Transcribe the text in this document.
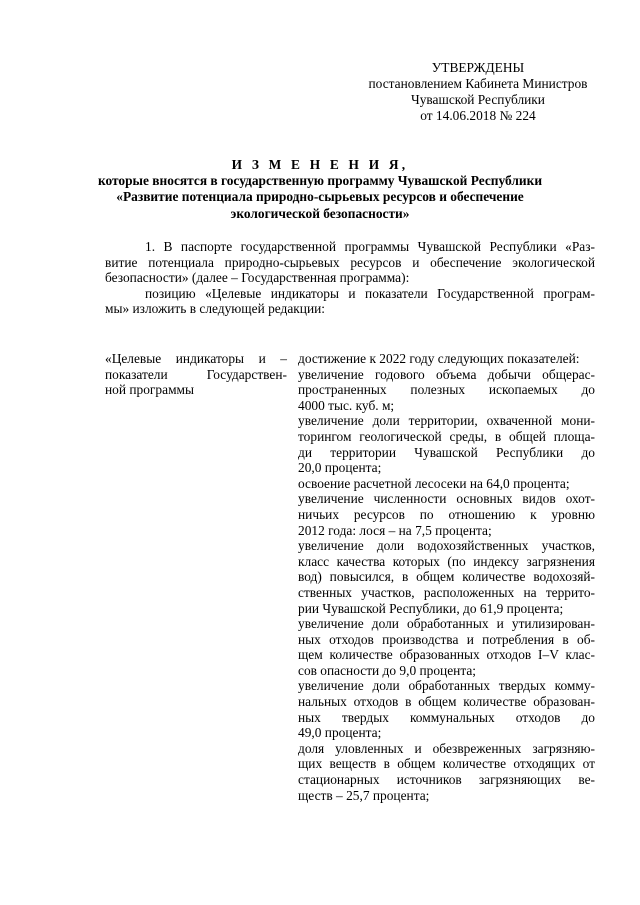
УТВЕРЖДЕНЫ
постановлением Кабинета Министров
Чувашской Республики
от 14.06.2018 № 224
И З М Е Н Е Н И Я,
которые вносятся в государственную программу Чувашской Республики
«Развитие потенциала природно-сырьевых ресурсов и обеспечение
экологической безопасности»

1. В паспорте государственной программы Чувашской Республики «Раз-
витие потенциала природно-сырьевых ресурсов и обеспечение экологической
безопасности» (далее – Государственная программа):

позицию «Целевые индикаторы и показатели Государственной програм-
мы» изложить в следующей редакции:

«Целевые индикаторы и –
показатели Государствен-
ной программы
достижение к 2022 году следующих показателей:
увеличение годового объема добычи общерас-
пространенных полезных ископаемых до
4000 тыс. куб. м;
увеличение доли территории, охваченной мони-
торингом геологической среды, в общей площа-
ди территории Чувашской Республики до
20,0 процента;
освоение расчетной лесосеки на 64,0 процента;
увеличение численности основных видов охот-
ничьих ресурсов по отношению к уровню
2012 года: лося – на 7,5 процента;
увеличение доли водохозяйственных участков,
класс качества которых (по индексу загрязнения
вод) повысился, в общем количестве водохозяй-
ственных участков, расположенных на террито-
рии Чувашской Республики, до 61,9 процента;
увеличение доли обработанных и утилизирован-
ных отходов производства и потребления в об-
щем количестве образованных отходов I–V клас-
сов опасности до 9,0 процента;
увеличение доли обработанных твердых комму-
нальных отходов в общем количестве образован-
ных твердых коммунальных отходов до
49,0 процента;
доля уловленных и обезвреженных загрязняю-
щих веществ в общем количестве отходящих от
стационарных источников загрязняющих ве-
ществ – 25,7 процента;
